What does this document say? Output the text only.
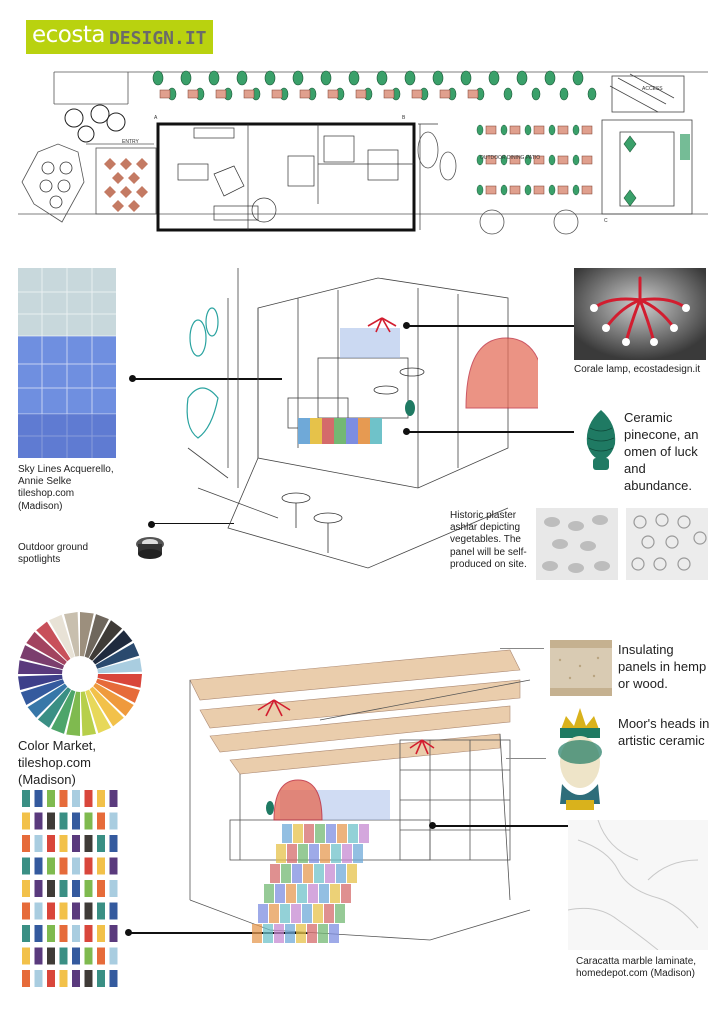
ecosta DESIGN.IT
ENTRY
OUTDOOR DINING PATIO
ACCESS
A	B
C
Sky Lines Acquerello, Annie Selke tileshop.com (Madison)
Outdoor ground spotlights
Corale lamp, ecostadesign.it
Ceramic pinecone, an omen of luck and abundance.
Historic plaster ashlar depicting vegetables. The panel will be self-produced on site.
Color Market, tileshop.com (Madison)
Insulating panels in hemp or wood.
Moor's heads in artistic ceramic
Caracatta marble laminate, homedepot.com (Madison)
